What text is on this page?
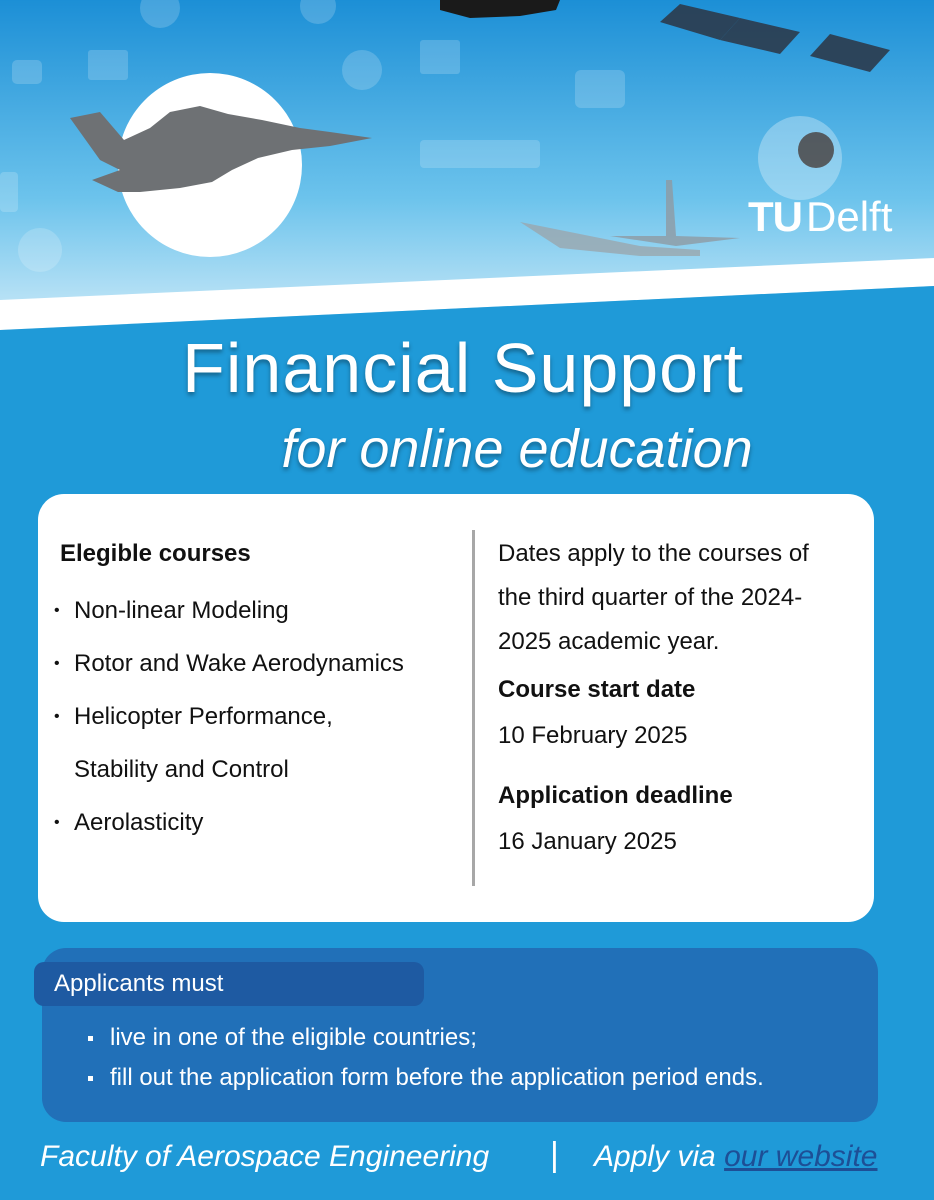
TU Delft
Financial Support
for online education
Elegible courses
• Non-linear Modeling
• Rotor and Wake Aerodynamics
• Helicopter Performance,
Stability and Control
• Aerolasticity
Dates apply to the courses of
the third quarter of the 2024-
2025 academic year.
Course start date
10 February 2025
Application deadline
16 January 2025
Applicants must
live in one of the eligible countries;
fill out the application form before the application period ends.
Faculty of Aerospace Engineering | Apply via our website
